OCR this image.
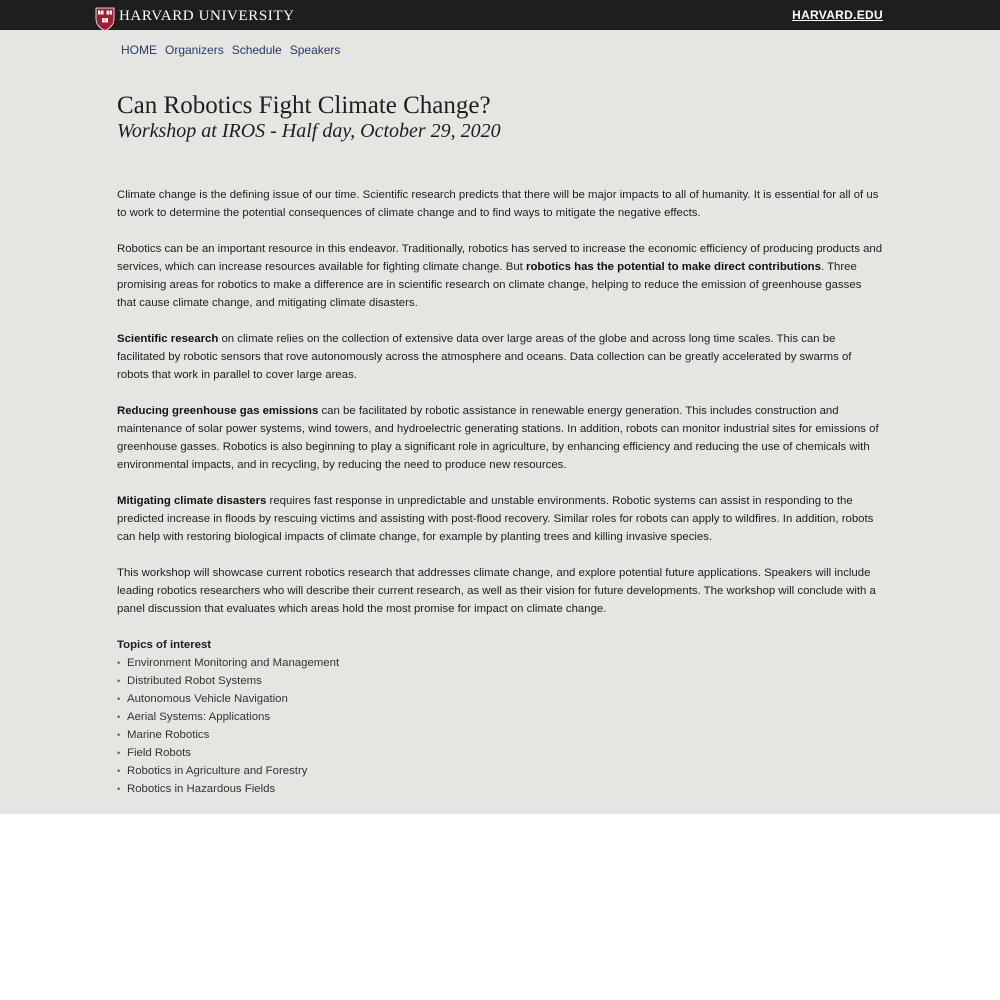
HARVARD UNIVERSITY	HARVARD.EDU
HOME Organizers Schedule Speakers
Can Robotics Fight Climate Change?
Workshop at IROS - Half day, October 29, 2020

Climate change is the defining issue of our time. Scientific research predicts that there will be major impacts to all of humanity. It is essential for all of us to work to determine the potential consequences of climate change and to find ways to mitigate the negative effects.

Robotics can be an important resource in this endeavor. Traditionally, robotics has served to increase the economic efficiency of producing products and services, which can increase resources available for fighting climate change. But robotics has the potential to make direct contributions. Three promising areas for robotics to make a difference are in scientific research on climate change, helping to reduce the emission of greenhouse gasses that cause climate change, and mitigating climate disasters.

Scientific research on climate relies on the collection of extensive data over large areas of the globe and across long time scales. This can be facilitated by robotic sensors that rove autonomously across the atmosphere and oceans. Data collection can be greatly accelerated by swarms of robots that work in parallel to cover large areas.

Reducing greenhouse gas emissions can be facilitated by robotic assistance in renewable energy generation. This includes construction and maintenance of solar power systems, wind towers, and hydroelectric generating stations. In addition, robots can monitor industrial sites for emissions of greenhouse gasses. Robotics is also beginning to play a significant role in agriculture, by enhancing efficiency and reducing the use of chemicals with environmental impacts, and in recycling, by reducing the need to produce new resources.

Mitigating climate disasters requires fast response in unpredictable and unstable environments. Robotic systems can assist in responding to the predicted increase in floods by rescuing victims and assisting with post-flood recovery. Similar roles for robots can apply to wildfires. In addition, robots can help with restoring biological impacts of climate change, for example by planting trees and killing invasive species.

This workshop will showcase current robotics research that addresses climate change, and explore potential future applications. Speakers will include leading robotics researchers who will describe their current research, as well as their vision for future developments. The workshop will conclude with a panel discussion that evaluates which areas hold the most promise for impact on climate change.

Topics of interest
• Environment Monitoring and Management
• Distributed Robot Systems
• Autonomous Vehicle Navigation
• Aerial Systems: Applications
• Marine Robotics
• Field Robots
• Robotics in Agriculture and Forestry
• Robotics in Hazardous Fields
